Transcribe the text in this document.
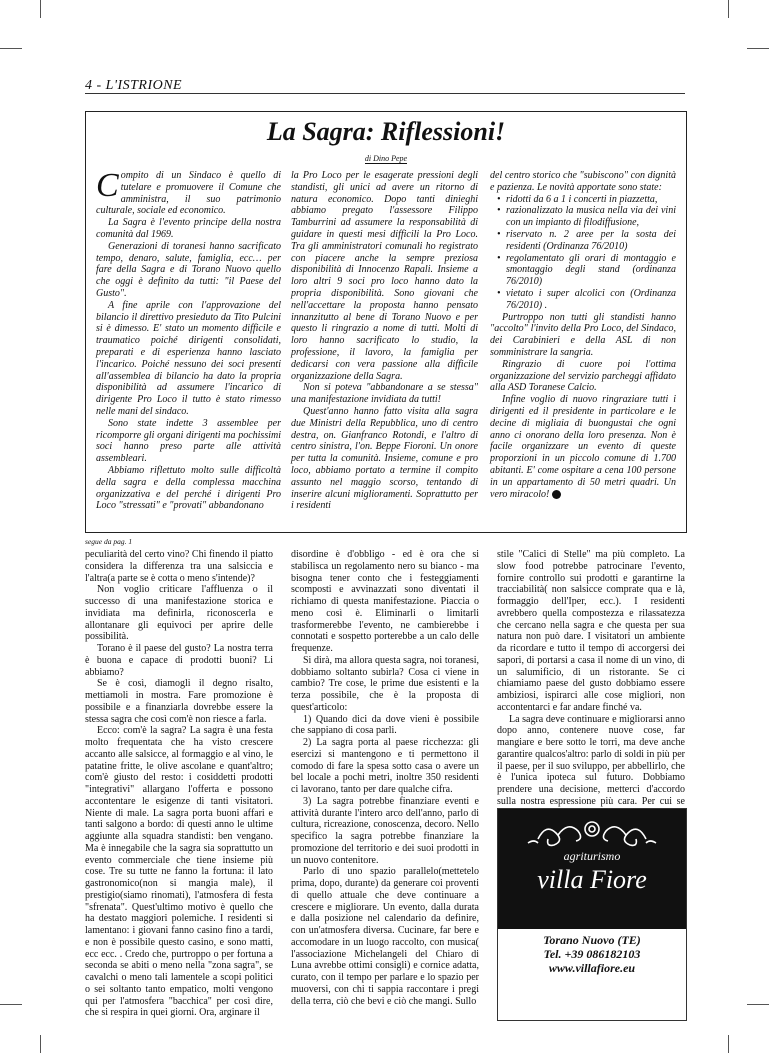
4 - L'ISTRIONE
La Sagra: Riflessioni!
di Dino Pepe

Compito di un Sindaco è quello di tutelare e promuovere il Comune che amministra, il suo patrimonio culturale, sociale ed economico.

La Sagra è l'evento principe della nostra comunità dal 1969.

Generazioni di toranesi hanno sacrificato tempo, denaro, salute, famiglia, ecc… per fare della Sagra e di Torano Nuovo quello che oggi è definito da tutti: "il Paese del Gusto".

A fine aprile con l'approvazione del bilancio il direttivo presieduto da Tito Pulcini si è dimesso. E' stato un momento difficile e traumatico poiché dirigenti consolidati, preparati e di esperienza hanno lasciato l'incarico. Poiché nessuno dei soci presenti all'assemblea di bilancio ha dato la propria disponibilità ad assumere l'incarico di dirigente Pro Loco il tutto è stato rimesso nelle mani del sindaco.

Sono state indette 3 assemblee per ricomporre gli organi dirigenti ma pochissimi soci hanno preso parte alle attività assembleari.

Abbiamo riflettuto molto sulle difficoltà della sagra e della complessa macchina organizzativa e del perché i dirigenti Pro Loco "stressati" e "provati" abbandonano

la Pro Loco per le esagerate pressioni degli standisti, gli unici ad avere un ritorno di natura economico. Dopo tanti dinieghi abbiamo pregato l'assessore Filippo Tamburrini ad assumere la responsabilità di guidare in questi mesi difficili la Pro Loco. Tra gli amministratori comunali ho registrato con piacere anche la sempre preziosa disponibilità di Innocenzo Rapali. Insieme a loro altri 9 soci pro loco hanno dato la propria disponibilità. Sono giovani che nell'accettare la proposta hanno pensato innanzitutto al bene di Torano Nuovo e per questo li ringrazio a nome di tutti. Molti di loro hanno sacrificato lo studio, la professione, il lavoro, la famiglia per dedicarsi con vera passione alla difficile organizzazione della Sagra.

Non si poteva "abbandonare a se stessa" una manifestazione invidiata da tutti!

Quest'anno hanno fatto visita alla sagra due Ministri della Repubblica, uno di centro destra, on. Gianfranco Rotondi, e l'altro di centro sinistra, l'on. Beppe Fioroni. Un onore per tutta la comunità. Insieme, comune e pro loco, abbiamo portato a termine il compito assunto nel maggio scorso, tentando di inserire alcuni miglioramenti. Soprattutto per i residenti

del centro storico che "subiscono" con dignità e pazienza. Le novità apportate sono state:

• ridotti da 6 a 1 i concerti in piazzetta,
• razionalizzato la musica nella via dei vini con un impianto di filodiffusione,
• riservato n. 2 aree per la sosta dei residenti (Ordinanza 76/2010)
• regolamentato gli orari di montaggio e smontaggio degli stand (ordinanza 76/2010)
• vietato i super alcolici con (Ordinanza 76/2010) .

Purtroppo non tutti gli standisti hanno "accolto" l'invito della Pro Loco, del Sindaco, dei Carabinieri e della ASL di non somministrare la sangria.

Ringrazio di cuore poi l'ottima organizzazione del servizio parcheggi affidato alla ASD Toranese Calcio.

Infine voglio di nuovo ringraziare tutti i dirigenti ed il presidente in particolare e le decine di migliaia di buongustai che ogni anno ci onorano della loro presenza. Non è facile organizzare un evento di queste proporzioni in un piccolo comune di 1.700 abitanti. E' come ospitare a cena 100 persone in un appartamento di 50 metri quadri. Un vero miracolo! L

segue da pag. 1

peculiarità del certo vino? Chi finendo il piatto considera la differenza tra una salsiccia e l'altra(a parte se è cotta o meno s'intende)?

Non voglio criticare l'affluenza o il successo di una manifestazione storica e invidiata ma definirla, riconoscerla e allontanare gli equivoci per aprire delle possibilità.

Torano è il paese del gusto? La nostra terra è buona e capace di prodotti buoni? Li abbiamo?

Se è così, diamogli il degno risalto, mettiamoli in mostra. Fare promozione è possibile e a finanziarla dovrebbe essere la stessa sagra che così com'è non riesce a farla.

Ecco: com'è la sagra? La sagra è una festa molto frequentata che ha visto crescere accanto alle salsicce, al formaggio e al vino, le patatine fritte, le olive ascolane e quant'altro; com'è giusto del resto: i cosiddetti prodotti "integrativi" allargano l'offerta e possono accontentare le esigenze di tanti visitatori. Niente di male. La sagra porta buoni affari e tanti salgono a bordo: di questi anno le ultime aggiunte alla squadra standisti: ben vengano. Ma è innegabile che la sagra sia soprattutto un evento commerciale che tiene insieme più cose. Tre su tutte ne fanno la fortuna: il lato gastronomico(non si mangia male), il prestigio(siamo rinomati), l'atmosfera di festa "sfrenata". Quest'ultimo motivo è quello che ha destato maggiori polemiche. I residenti si lamentano: i giovani fanno casino fino a tardi, e non è possibile questo casino, e sono matti, ecc ecc. . Credo che, purtroppo o per fortuna a seconda se abiti o meno nella "zona sagra", se cavalchi o meno tali lamentele a scopi politici o sei soltanto tanto empatico, molti vengono qui per l'atmosfera "bacchica" per così dire, che si respira in quei giorni. Ora, arginare il

disordine è d'obbligo - ed è ora che si stabilisca un regolamento nero su bianco - ma bisogna tener conto che i festeggiamenti scomposti e avvinazzati sono diventati il richiamo di questa manifestazione. Piaccia o meno così è. Eliminarli o limitarli trasformerebbe l'evento, ne cambierebbe i connotati e sospetto porterebbe a un calo delle frequenze.

Si dirà, ma allora questa sagra, noi toranesi, dobbiamo soltanto subirla? Cosa ci viene in cambio? Tre cose, le prime due esistenti e la terza possibile, che è la proposta di quest'articolo:

1) Quando dici da dove vieni è possibile che sappiano di cosa parli.

2) La sagra porta al paese ricchezza: gli esercizi si mantengono e ti permettono il comodo di fare la spesa sotto casa o avere un bel locale a pochi metri, inoltre 350 residenti ci lavorano, tanto per dare qualche cifra.

3) La sagra potrebbe finanziare eventi e attività durante l'intero arco dell'anno, parlo di cultura, ricreazione, conoscenza, decoro. Nello specifico la sagra potrebbe finanziare la promozione del territorio e dei suoi prodotti in un nuovo contenitore.

Parlo di uno spazio parallelo(mettetelo prima, dopo, durante) da generare coi proventi di quello attuale che deve continuare a crescere e migliorare. Un evento, dalla durata e dalla posizione nel calendario da definire, con un'atmosfera diversa. Cucinare, far bere e accomodare in un luogo raccolto, con musica( l'associazione Michelangeli del Chiaro di Luna avrebbe ottimi consigli) e cornice adatta, curato, con il tempo per parlare e lo spazio per muoversi, con chi ti sappia raccontare i pregi della terra, ciò che bevi e ciò che mangi. Sullo

stile "Calici di Stelle" ma più completo. La slow food potrebbe patrocinare l'evento, fornire controllo sui prodotti e garantirne la tracciabilità( non salsicce comprate qua e là, formaggio dell'Iper, ecc.). I residenti avrebbero quella compostezza e rilassatezza che cercano nella sagra e che questa per sua natura non può dare. I visitatori un ambiente da ricordare e tutto il tempo di accorgersi dei sapori, di portarsi a casa il nome di un vino, di un salumificio, di un ristorante. Se ci chiamiamo paese del gusto dobbiamo essere ambiziosi, ispirarci alle cose migliori, non accontentarci e far andare finché va.

La sagra deve continuare e migliorarsi anno dopo anno, contenere nuove cose, far mangiare e bere sotto le torri, ma deve anche garantire qualcos'altro: parlo di soldi in più per il paese, per il suo sviluppo, per abbellirlo, che è l'unica ipoteca sul futuro. Dobbiamo prendere una decisione, metterci d'accordo sulla nostra espressione più cara. Per cui se

agriturismo
villa Fiore
Torano Nuovo (TE)
Tel. +39 086182103
www.villafiore.eu
